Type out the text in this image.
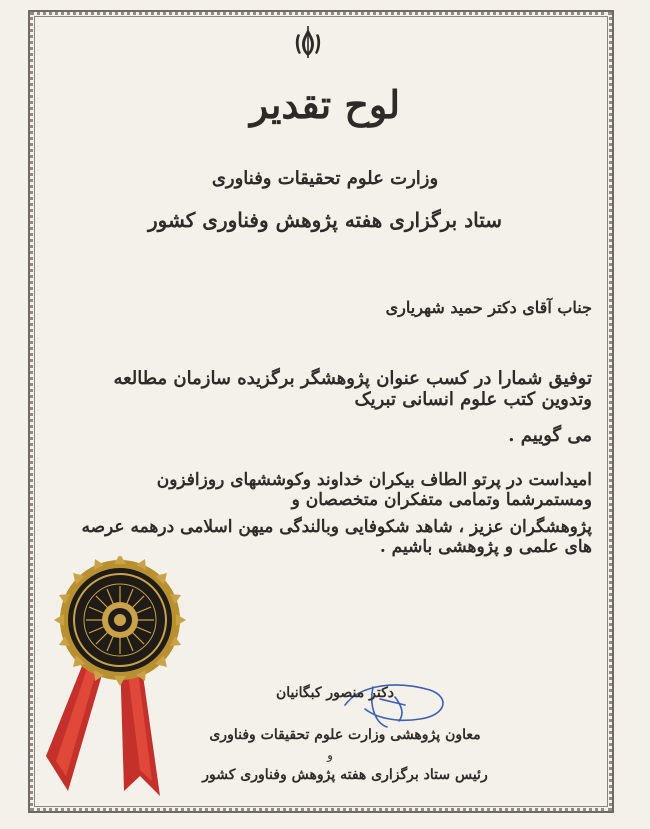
لوح تقدیر
وزارت علوم تحقیقات وفناوری
ستاد برگزاری هفته پژوهش وفناوری کشور
جناب آقای دکتر حمید شهریاری
توفیق شمارا در کسب عنوان پژوهشگر برگزیده سازمان مطالعه وتدوین کتب علوم انسانی تبریک
می گوییم .
امیداست در پرتو الطاف بیکران خداوند وکوششهای روزافزون ومستمرشما وتمامی متفکران متخصصان و
پژوهشگران عزیز ، شاهد شکوفایی وبالندگی میهن اسلامی درهمه عرصه های علمی و پژوهشی باشیم .
دکتر منصور کبگانیان
معاون پژوهشی وزارت علوم تحقیقات وفناوری
و
رئیس ستاد برگزاری هفته پژوهش وفناوری کشور
